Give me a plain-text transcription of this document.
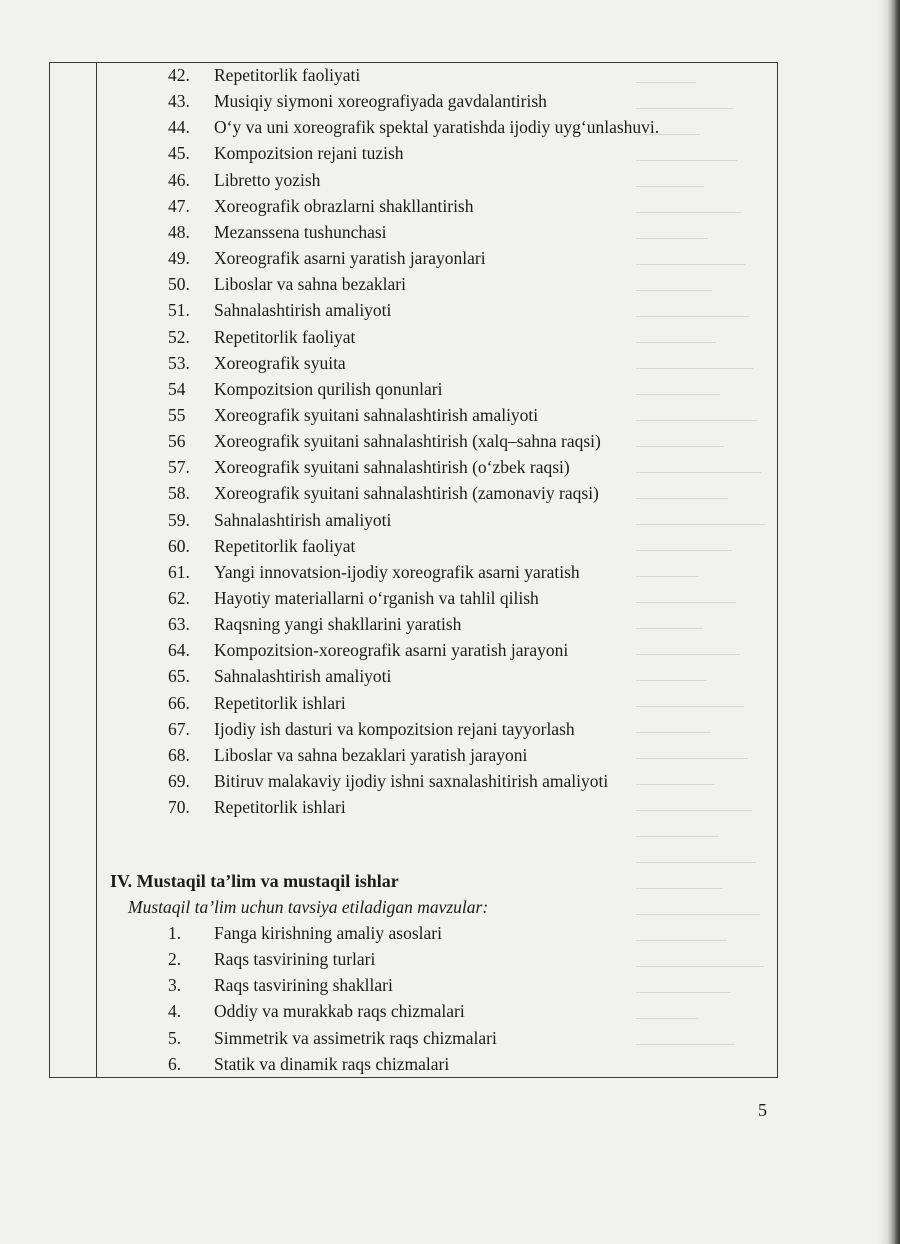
42. Repetitorlik faoliyati
43. Musiqiy siymoni xoreografiyada gavdalantirish
44. O‘y va uni xoreografik spektal yaratishda ijodiy uyg‘unlashuvi.
45. Kompozitsion rejani tuzish
46. Libretto yozish
47. Xoreografik obrazlarni shakllantirish
48. Mezanssena tushunchasi
49. Xoreografik asarni yaratish jarayonlari
50. Liboslar va sahna bezaklari
51. Sahnalashtirish amaliyoti
52. Repetitorlik faoliyat
53. Xoreografik syuita
54 Kompozitsion qurilish qonunlari
55 Xoreografik syuitani sahnalashtirish amaliyoti
56 Xoreografik syuitani sahnalashtirish (xalq–sahna raqsi)
57. Xoreografik syuitani sahnalashtirish (o‘zbek raqsi)
58. Xoreografik syuitani sahnalashtirish (zamonaviy raqsi)
59. Sahnalashtirish amaliyoti
60. Repetitorlik faoliyat
61. Yangi innovatsion-ijodiy xoreografik asarni yaratish
62. Hayotiy materiallarni o‘rganish va tahlil qilish
63. Raqsning yangi shakllarini yaratish
64. Kompozitsion-xoreografik asarni yaratish jarayoni
65. Sahnalashtirish amaliyoti
66. Repetitorlik ishlari
67. Ijodiy ish dasturi va kompozitsion rejani tayyorlash
68. Liboslar va sahna bezaklari yaratish jarayoni
69. Bitiruv malakaviy ijodiy ishni saxnalashitirish amaliyoti
70. Repetitorlik ishlari
IV. Mustaqil ta’lim va mustaqil ishlar
Mustaqil ta’lim uchun tavsiya etiladigan mavzular:
1. Fanga kirishning amaliy asoslari
2. Raqs tasvirining turlari
3. Raqs tasvirining shakllari
4. Oddiy va murakkab raqs chizmalari
5. Simmetrik va assimetrik raqs chizmalari
6. Statik va dinamik raqs chizmalari
5
